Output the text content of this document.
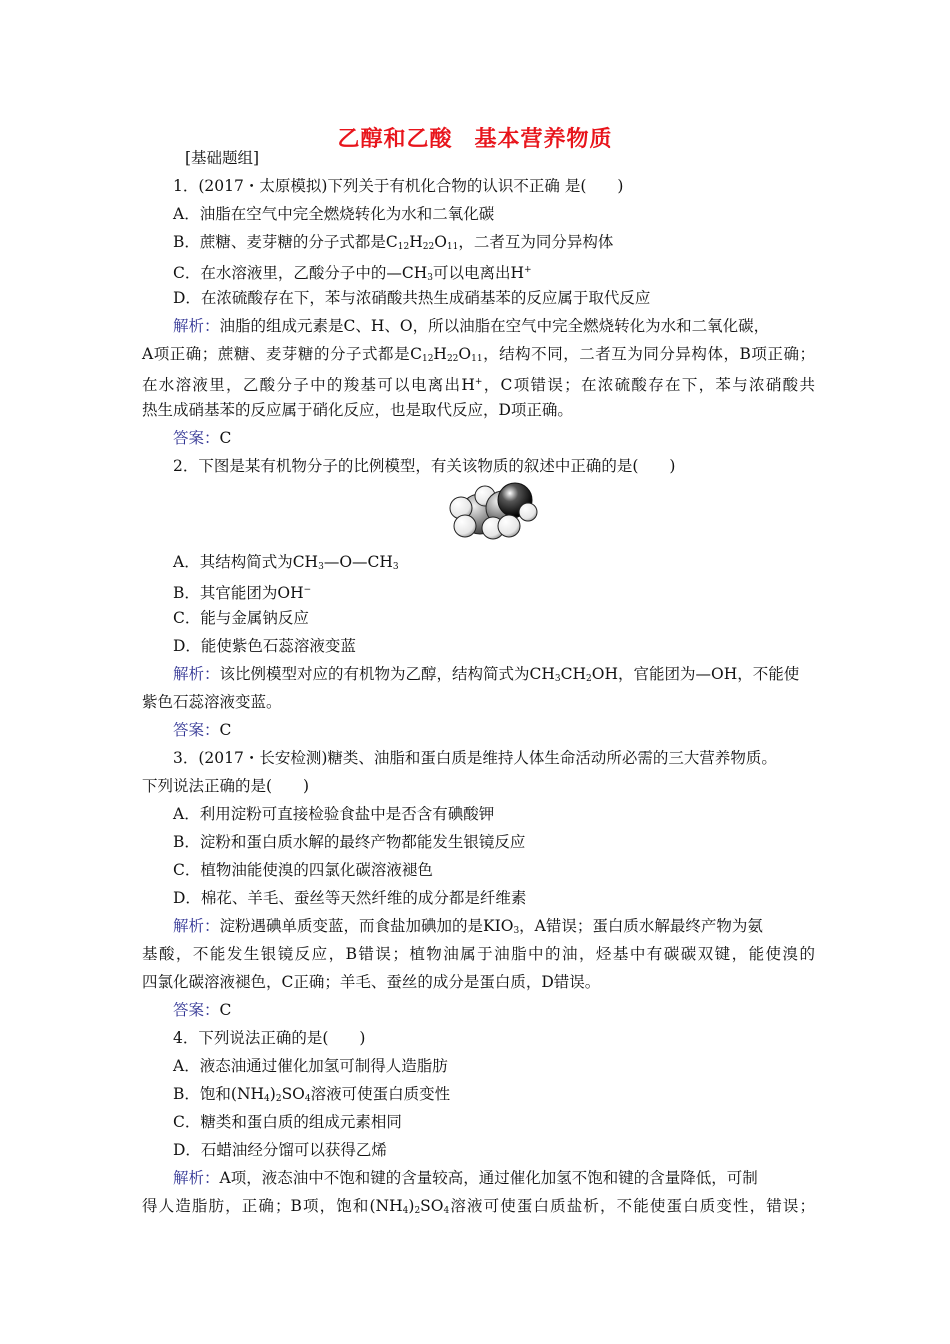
乙醇和乙酸 基本营养物质
[基础题组]
1．(2017・太原模拟)下列关于有机化合物的认识不正确 是(　　)
A．油脂在空气中完全燃烧转化为水和二氧化碳
B．蔗糖、麦芽糖的分子式都是$C_{12}H_{22}O_{11}$，二者互为同分异构体
C．在水溶液里，乙酸分子中的$—CH_3$可以电离出H+
D．在浓硫酸存在下，苯与浓硝酸共热生成硝基苯的反应属于取代反应
解析：油脂的组成元素是C、H、O，所以油脂在空气中完全燃烧转化为水和二氧化碳，
A项正确；蔗糖、麦芽糖的分子式都是$C_{12}H_{22}O_{11}$，结构不同，二者互为同分异构体，B项正确；
在水溶液里，乙酸分子中的羧基可以电离出H+，C项错误；在浓硫酸存在下，苯与浓硝酸共
热生成硝基苯的反应属于硝化反应，也是取代反应，D项正确。
答案：C
2．下图是某有机物分子的比例模型，有关该物质的叙述中正确的是(　　)
A．其结构简式为$CH_3—O—CH_3$
B．其官能团为OH−
C．能与金属钠反应
D．能使紫色石蕊溶液变蓝
解析：该比例模型对应的有机物为乙醇，结构简式为$CH_3CH_2OH$，官能团为—OH，不能使
紫色石蕊溶液变蓝。
答案：C
3．(2017・长安检测)糖类、油脂和蛋白质是维持人体生命活动所必需的三大营养物质。
下列说法正确的是(　　)
A．利用淀粉可直接检验食盐中是否含有碘酸钾
B．淀粉和蛋白质水解的最终产物都能发生银镜反应
C．植物油能使溴的四氯化碳溶液褪色
D．棉花、羊毛、蚕丝等天然纤维的成分都是纤维素
解析：淀粉遇碘单质变蓝，而食盐加碘加的是$KIO_3$，A错误；蛋白质水解最终产物为氨
基酸，不能发生银镜反应，B错误；植物油属于油脂中的油，烃基中有碳碳双键，能使溴的
四氯化碳溶液褪色，C正确；羊毛、蚕丝的成分是蛋白质，D错误。
答案：C
4．下列说法正确的是(　　)
A．液态油通过催化加氢可制得人造脂肪
B．饱和$(NH_4)_2SO_4$溶液可使蛋白质变性
C．糖类和蛋白质的组成元素相同
D．石蜡油经分馏可以获得乙烯
解析：A项，液态油中不饱和键的含量较高，通过催化加氢不饱和键的含量降低，可制
得人造脂肪，正确；B项，饱和$(NH_4)_2SO_4$溶液可使蛋白质盐析，不能使蛋白质变性，错误；
